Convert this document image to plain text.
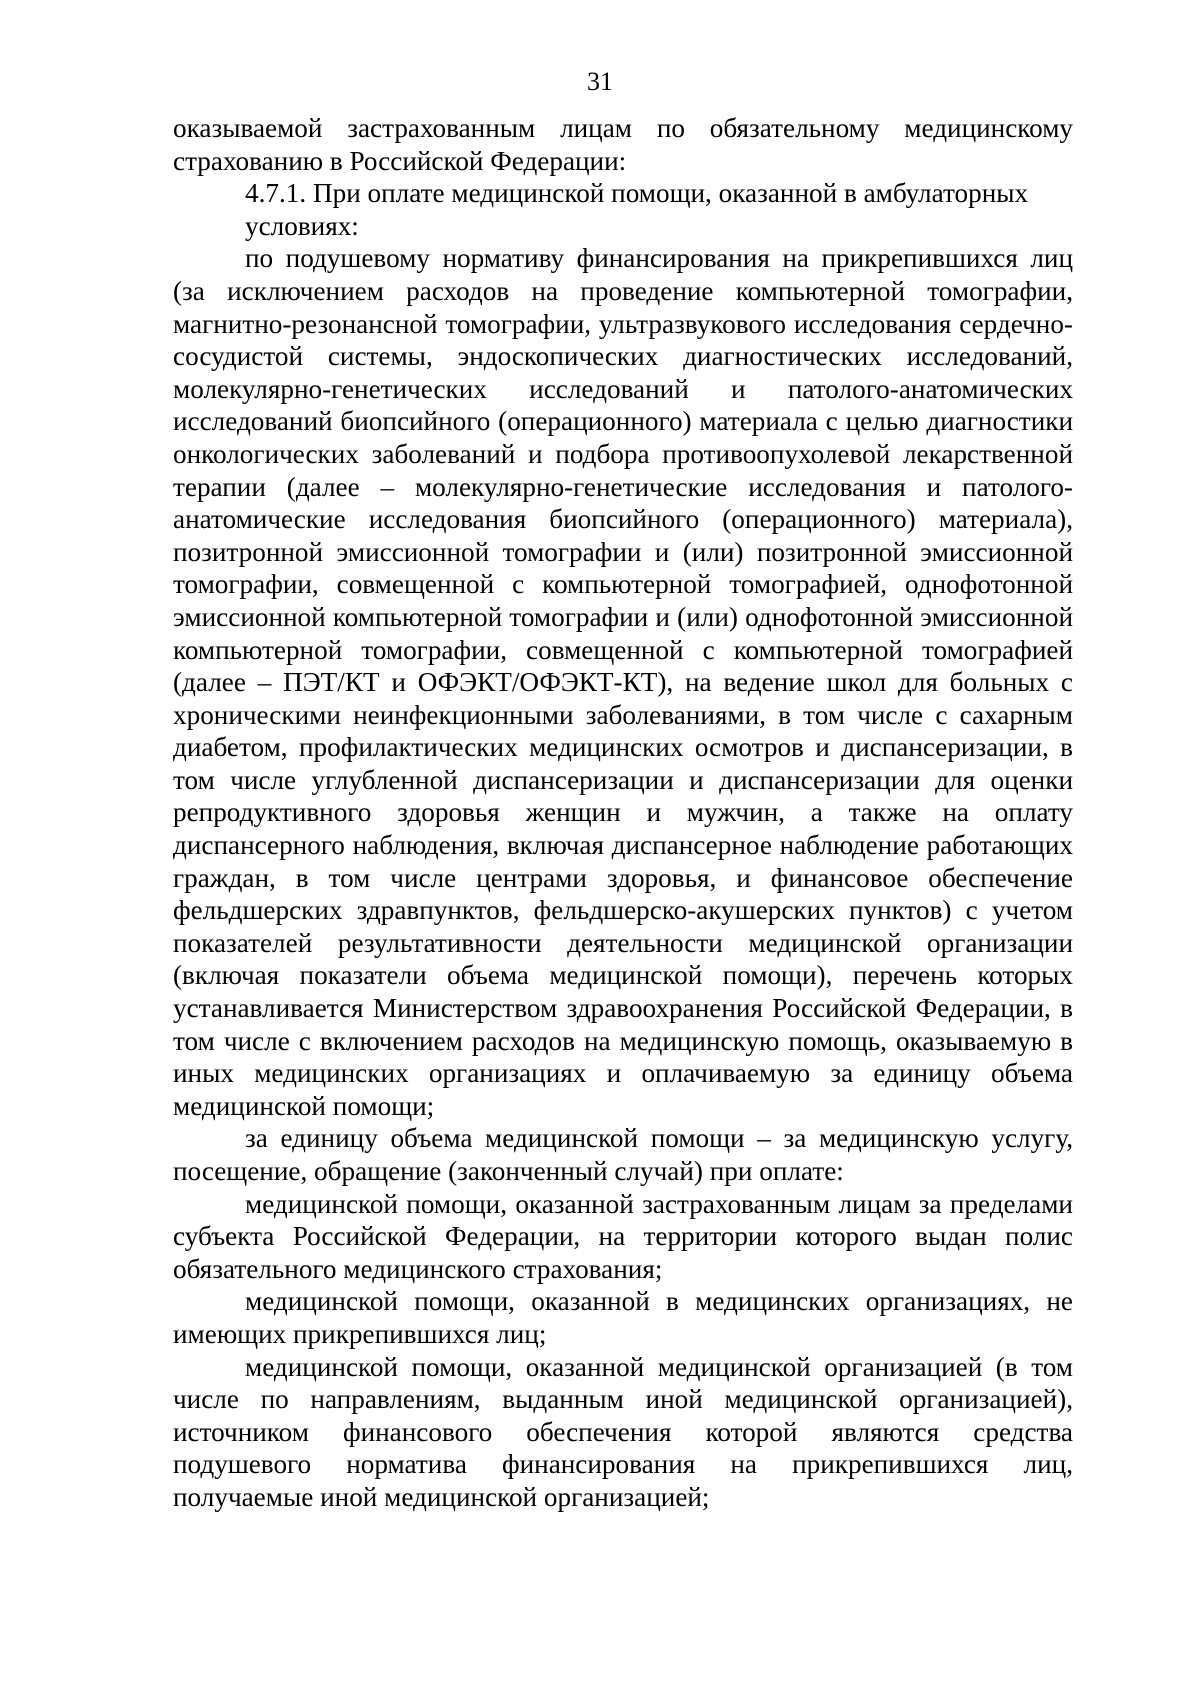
31

оказываемой застрахованным лицам по обязательному медицинскому страхованию в Российской Федерации:

4.7.1. При оплате медицинской помощи, оказанной в амбулаторных условиях:

по подушевому нормативу финансирования на прикрепившихся лиц (за исключением расходов на проведение компьютерной томографии, магнитно-резонансной томографии, ультразвукового исследования сердечно-сосудистой системы, эндоскопических диагностических исследований, молекулярно-генетических исследований и патолого-анатомических исследований биопсийного (операционного) материала с целью диагностики онкологических заболеваний и подбора противоопухолевой лекарственной терапии (далее – молекулярно-генетические исследования и патолого-анатомические исследования биопсийного (операционного) материала), позитронной эмиссионной томографии и (или) позитронной эмиссионной томографии, совмещенной с компьютерной томографией, однофотонной эмиссионной компьютерной томографии и (или) однофотонной эмиссионной компьютерной томографии, совмещенной с компьютерной томографией (далее – ПЭТ/КТ и ОФЭКТ/ОФЭКТ-КТ), на ведение школ для больных с хроническими неинфекционными заболеваниями, в том числе с сахарным диабетом, профилактических медицинских осмотров и диспансеризации, в том числе углубленной диспансеризации и диспансеризации для оценки репродуктивного здоровья женщин и мужчин, а также на оплату диспансерного наблюдения, включая диспансерное наблюдение работающих граждан, в том числе центрами здоровья, и финансовое обеспечение фельдшерских здравпунктов, фельдшерско-акушерских пунктов) с учетом показателей результативности деятельности медицинской организации (включая показатели объема медицинской помощи), перечень которых устанавливается Министерством здравоохранения Российской Федерации, в том числе с включением расходов на медицинскую помощь, оказываемую в иных медицинских организациях и оплачиваемую за единицу объема медицинской помощи;

за единицу объема медицинской помощи – за медицинскую услугу, посещение, обращение (законченный случай) при оплате:

медицинской помощи, оказанной застрахованным лицам за пределами субъекта Российской Федерации, на территории которого выдан полис обязательного медицинского страхования;

медицинской помощи, оказанной в медицинских организациях, не имеющих прикрепившихся лиц;

медицинской помощи, оказанной медицинской организацией (в том числе по направлениям, выданным иной медицинской организацией), источником финансового обеспечения которой являются средства подушевого норматива финансирования на прикрепившихся лиц, получаемые иной медицинской организацией;
